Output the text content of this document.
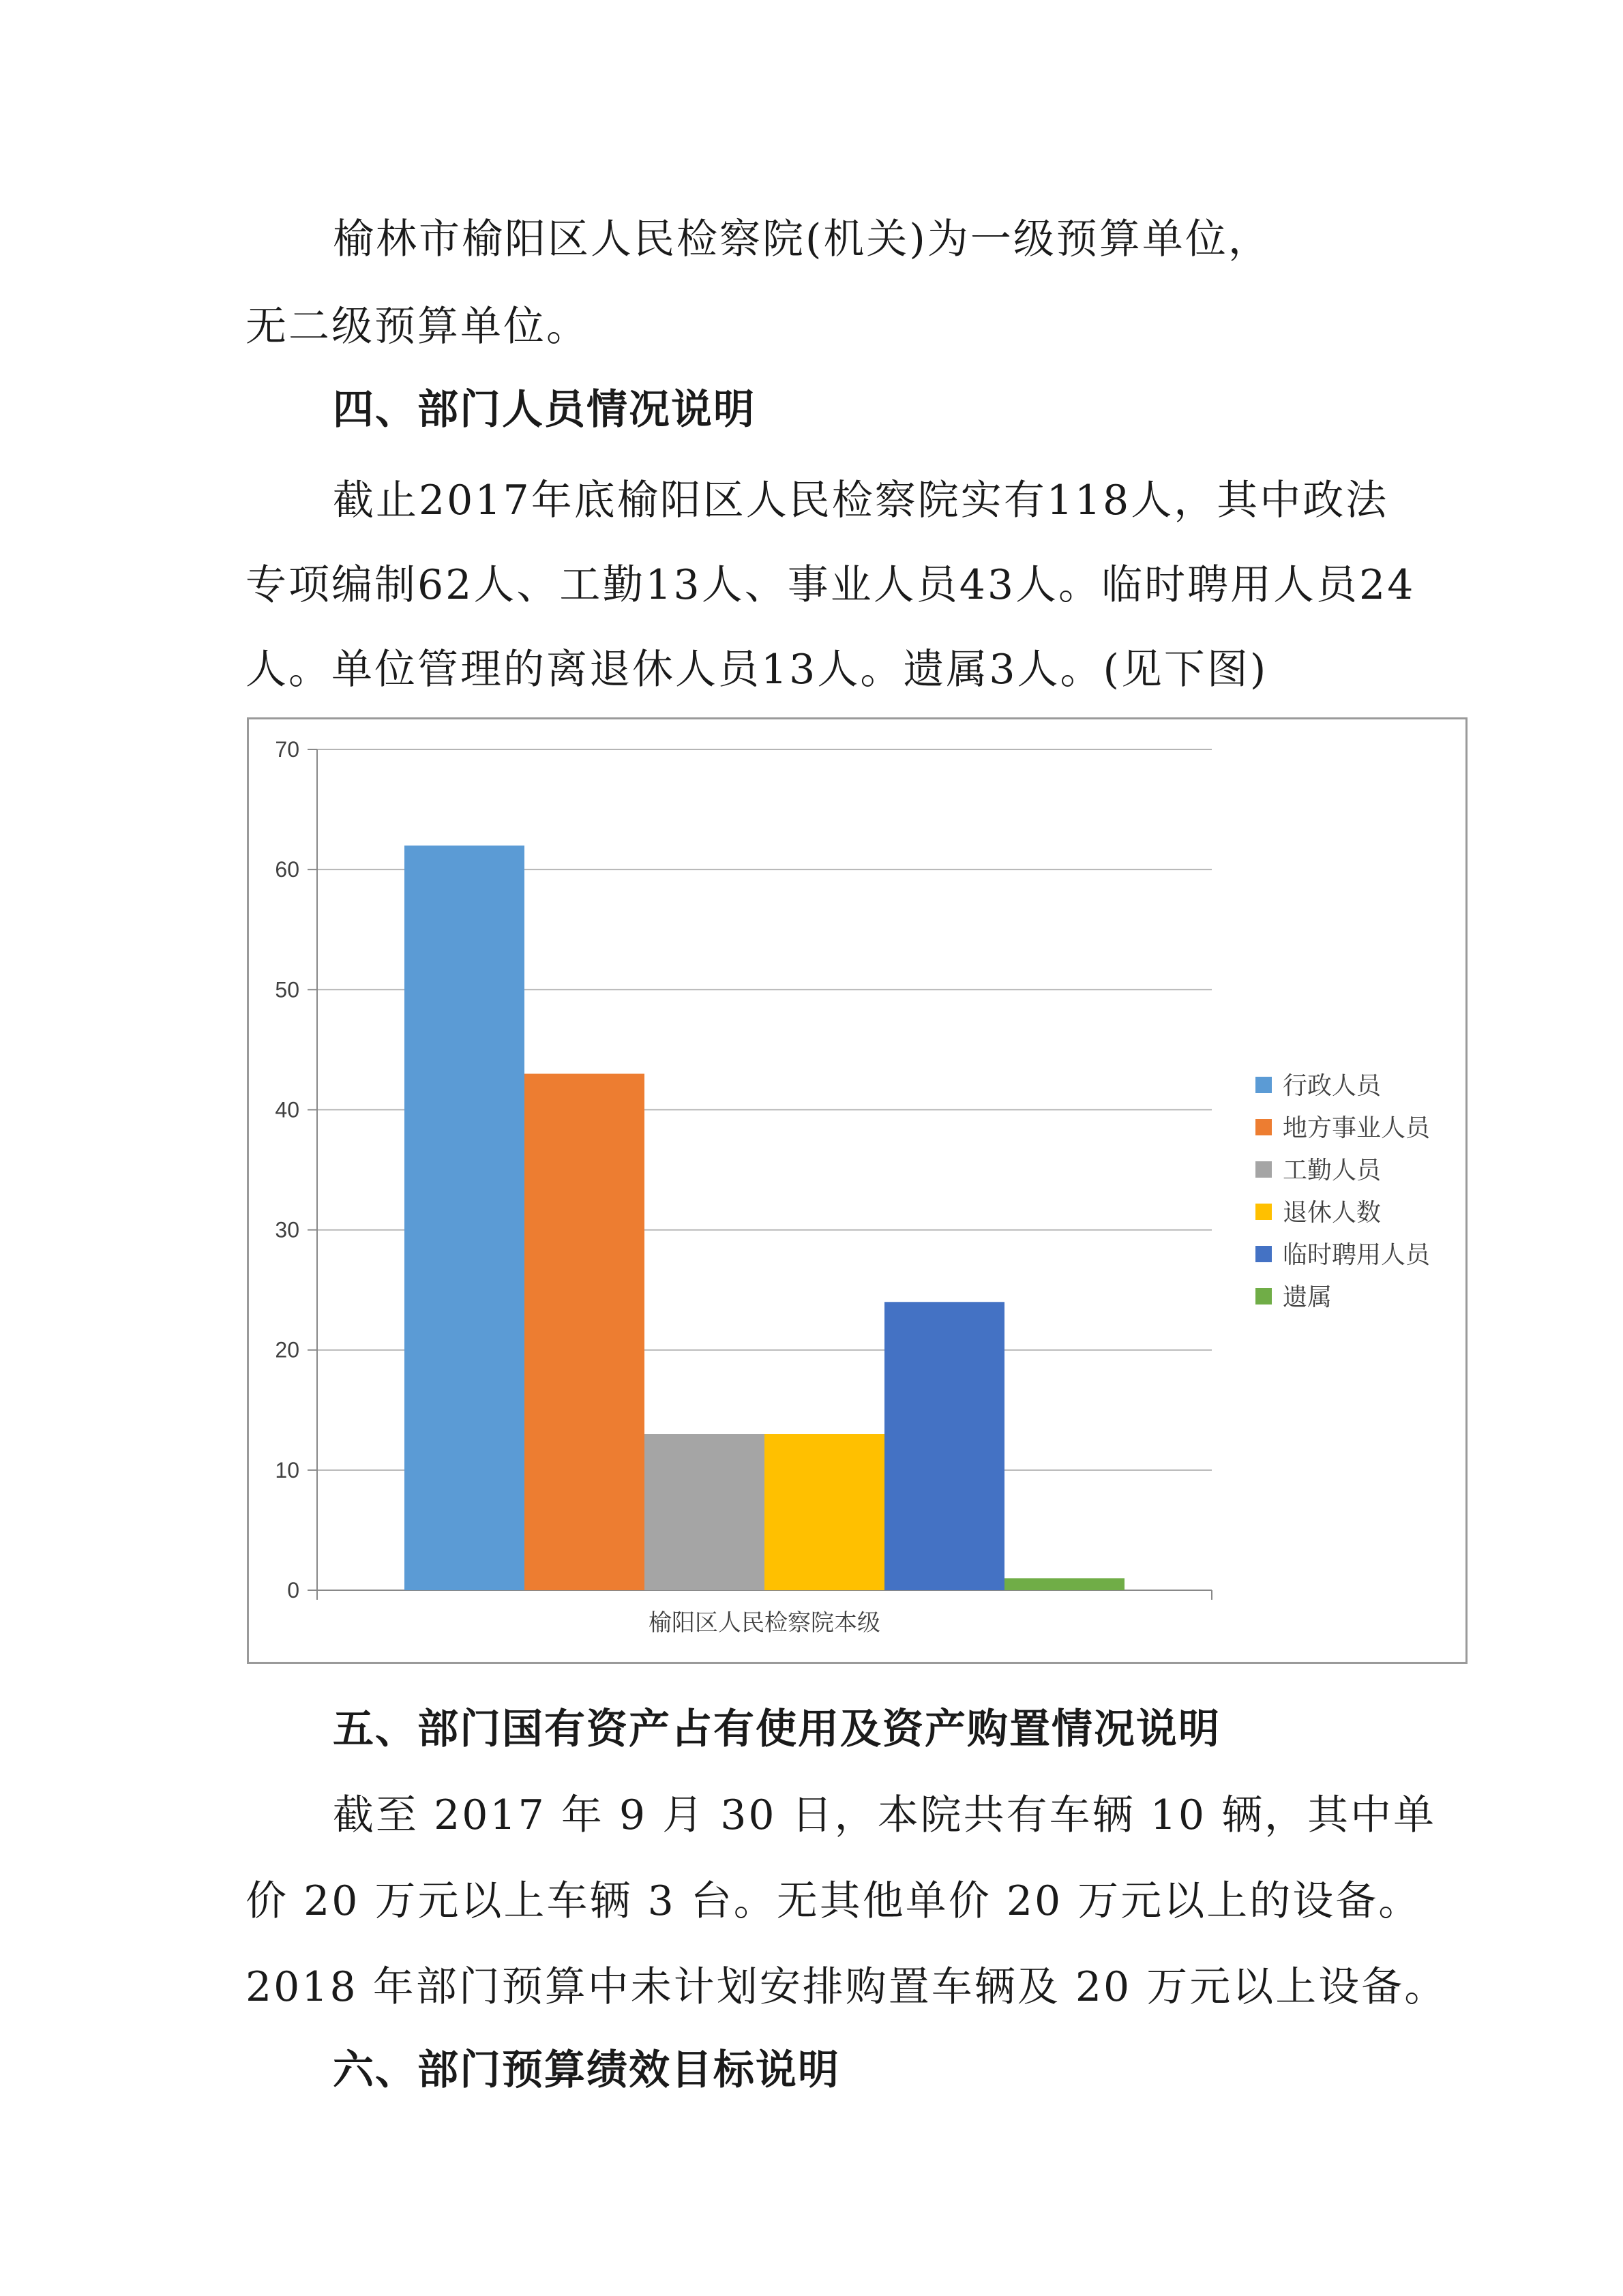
榆林市榆阳区人民检察院(机关)为一级预算单位，
无二级预算单位。
四、部门人员情况说明
截止2017年底榆阳区人民检察院实有118人，其中政法
专项编制62人、工勤13人、事业人员43人。临时聘用人员24
人。单位管理的离退休人员13人。遗属3人。(见下图)
0
10
20
30
40
50
60
70
榆阳区人民检察院本级
行政人员
地方事业人员
工勤人员
退休人数
临时聘用人员
遗属
五、部门国有资产占有使用及资产购置情况说明
截至 2017 年 9 月 30 日，本院共有车辆 10 辆，其中单
价 20 万元以上车辆 3 台。无其他单价 20 万元以上的设备。
2018 年部门预算中未计划安排购置车辆及 20 万元以上设备。
六、部门预算绩效目标说明
